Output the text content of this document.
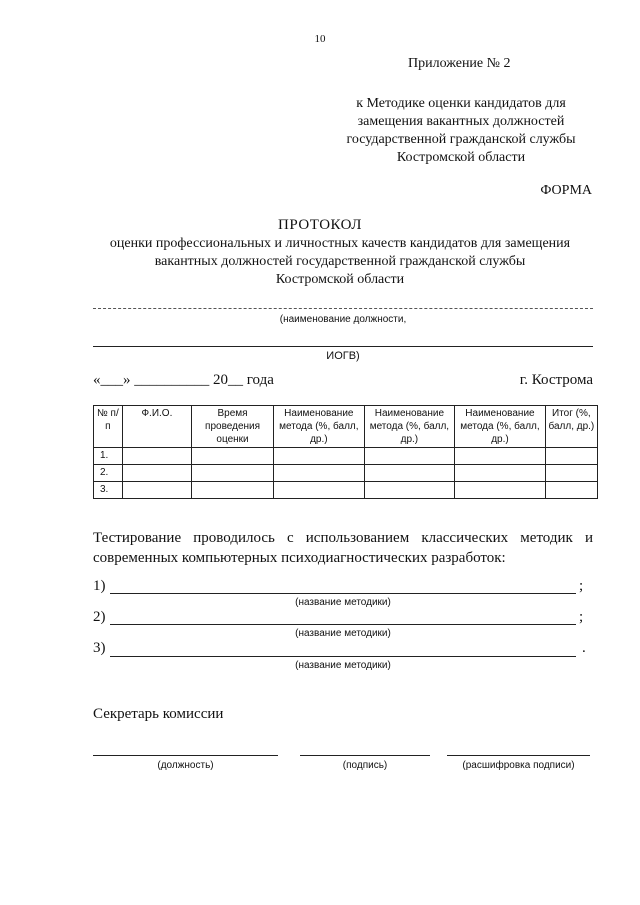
10
Приложение № 2
к Методике оценки кандидатов для
замещения вакантных должностей
государственной гражданской службы
Костромской области
ФОРМА
ПРОТОКОЛ
оценки профессиональных и личностных качеств кандидатов для замещения
вакантных должностей государственной гражданской службы
Костромской области
(наименование должности,
ИОГВ)
«___» __________ 20__ года	г. Кострома
№ п/п	Ф.И.О.	Время проведения оценки	Наименование метода (%, балл, др.)	Наименование метода (%, балл, др.)	Наименование метода (%, балл, др.)	Итог (%, балл, др.)
1.						
2.						
3.						
Тестирование проводилось с использованием классических методик и современных компьютерных психодиагностических разработок:
1)	;
(название методики)
2)	;
(название методики)
3)	.
(название методики)
Секретарь комиссии
(должность)	(подпись)	(расшифровка подписи)
